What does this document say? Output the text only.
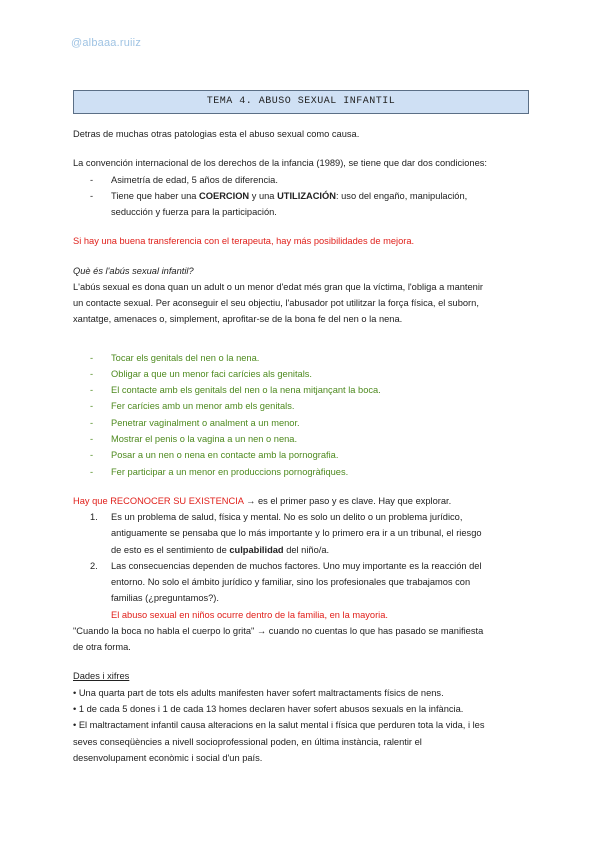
@albaaa.ruiiz
TEMA 4. ABUSO SEXUAL INFANTIL

Detras de muchas otras patologias esta el abuso sexual como causa.

La convención internacional de los derechos de la infancia (1989), se tiene que dar dos condiciones:

- Asimetría de edad, 5 años de diferencia.
- Tiene que haber una COERCION y una UTILIZACIÓN: uso del engaño, manipulación,
seducción y fuerza para la participación.

Si hay una buena transferencia con el terapeuta, hay más posibilidades de mejora.

Què és l'abús sexual infantil?

L'abús sexual es dona quan un adult o un menor d'edat més gran que la víctima, l'obliga a mantenir
un contacte sexual. Per aconseguir el seu objectiu, l'abusador pot utilitzar la força física, el suborn,
xantatge, amenaces o, simplement, aprofitar-se de la bona fe del nen o la nena.

- Tocar els genitals del nen o la nena.
- Obligar a que un menor faci carícies als genitals.
- El contacte amb els genitals del nen o la nena mitjançant la boca.
- Fer carícies amb un menor amb els genitals.
- Penetrar vaginalment o analment a un menor.
- Mostrar el penis o la vagina a un nen o nena.
- Posar a un nen o nena en contacte amb la pornografia.
- Fer participar a un menor en produccions pornogràfiques.

Hay que RECONOCER SU EXISTENCIA → es el primer paso y es clave. Hay que explorar.

1. Es un problema de salud, física y mental. No es solo un delito o un problema jurídico,
antiguamente se pensaba que lo más importante y lo primero era ir a un tribunal, el riesgo
de esto es el sentimiento de culpabilidad del niño/a.
2. Las consecuencias dependen de muchos factores. Uno muy importante es la reacción del
entorno. No solo el ámbito jurídico y familiar, sino los profesionales que trabajamos con
familias (¿preguntamos?).

El abuso sexual en niños ocurre dentro de la familia, en la mayoria.

"Cuando la boca no habla el cuerpo lo grita" → cuando no cuentas lo que has pasado se manifiesta
de otra forma.

Dades i xifres

• Una quarta part de tots els adults manifesten haver sofert maltractaments físics de nens.

• 1 de cada 5 dones i 1 de cada 13 homes declaren haver sofert abusos sexuals en la infància.

• El maltractament infantil causa alteracions en la salut mental i física que perduren tota la vida, i les
seves conseqüències a nivell socioprofessional poden, en última instància, ralentir el
desenvolupament econòmic i social d'un país.
